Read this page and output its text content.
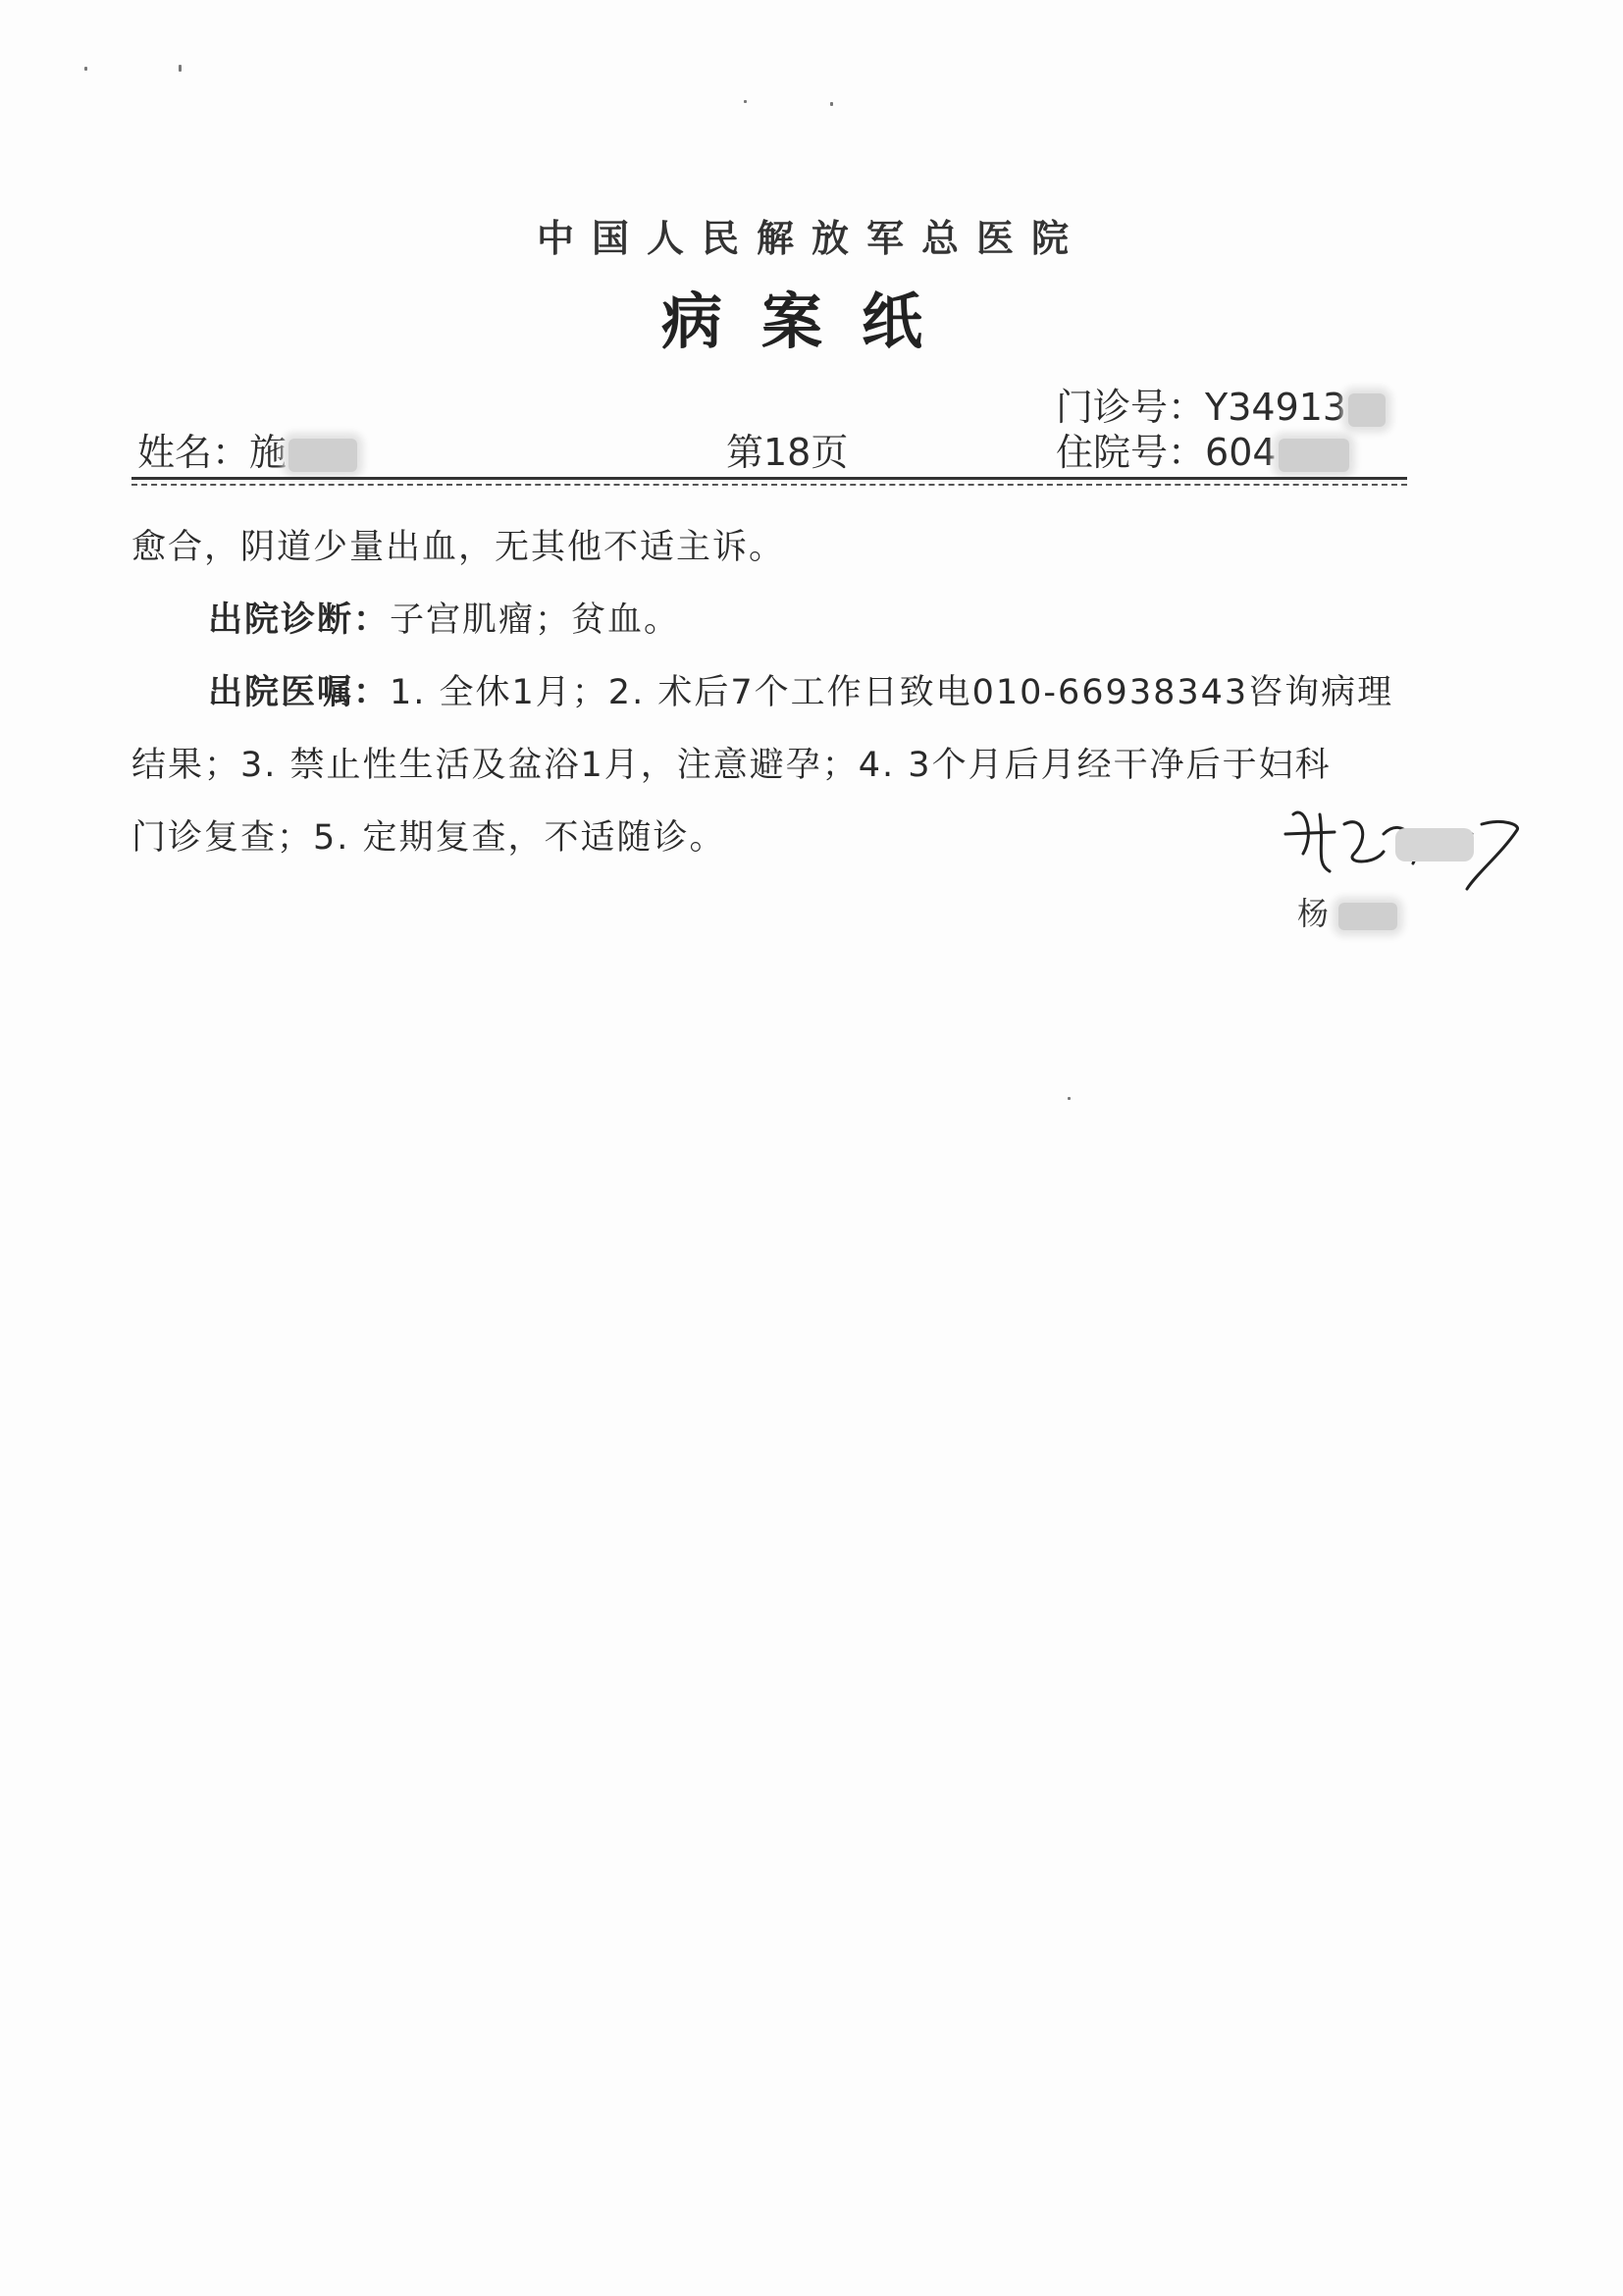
中国人民解放军总医院
病案纸
门诊号：Y34913
姓名：施	第18页	住院号：604
愈合，阴道少量出血，无其他不适主诉。
出院诊断：子宫肌瘤；贫血。
出院医嘱：1. 全休1月；2. 术后7个工作日致电010-66938343咨询病理
结果；3. 禁止性生活及盆浴1月，注意避孕；4. 3个月后月经干净后于妇科
门诊复查；5. 定期复查，不适随诊。
杨
